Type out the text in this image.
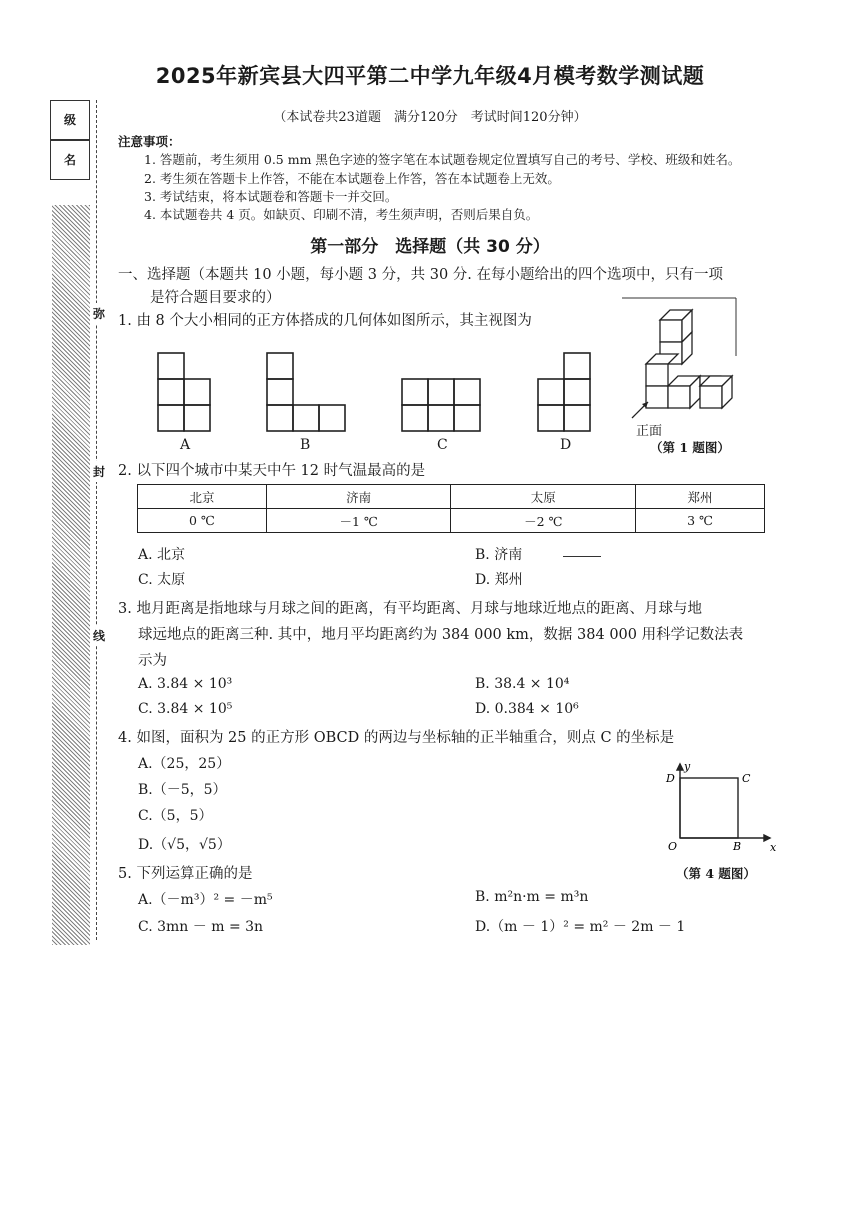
2025年新宾县大四平第二中学九年级4月模考数学测试题
（本试卷共23道题　满分120分　考试时间120分钟）
级
名
弥
封
线
注意事项：
1. 答题前，考生须用 0.5 mm 黑色字迹的签字笔在本试题卷规定位置填写自己的考号、学校、班级和姓名。
2. 考生须在答题卡上作答，不能在本试题卷上作答，答在本试题卷上无效。
3. 考试结束，将本试题卷和答题卡一并交回。
4. 本试题卷共 4 页。如缺页、印刷不清，考生须声明，否则后果自负。
第一部分　选择题（共 30 分）
一、选择题（本题共 10 小题，每小题 3 分，共 30 分. 在每小题给出的四个选项中，只有一项
是符合题目要求的）
1. 由 8 个大小相同的正方体搭成的几何体如图所示，其主视图为
A	B	C	D
正面
（第 1 题图）
2. 以下四个城市中某天中午 12 时气温最高的是
北京	济南	太原	郑州
0 ℃	－1 ℃	－2 ℃	3 ℃
A. 北京	B. 济南
C. 太原	D. 郑州
3. 地月距离是指地球与月球之间的距离，有平均距离、月球与地球近地点的距离、月球与地
球远地点的距离三种. 其中，地月平均距离约为 384 000 km，数据 384 000 用科学记数法表
示为
A. 3.84 × 10³	B. 38.4 × 10⁴
C. 3.84 × 10⁵	D. 0.384 × 10⁶
4. 如图，面积为 25 的正方形 OBCD 的两边与坐标轴的正半轴重合，则点 C 的坐标是
A.（25，25）
B.（－5，5）
C.（5，5）
D.（√5，√5）
y
x
O	B
C
D
（第 4 题图）
5. 下列运算正确的是
A.（－m³）² = －m⁵	B. m²n·m = m³n
C. 3mn － m = 3n	D.（m － 1）² = m² － 2m － 1
